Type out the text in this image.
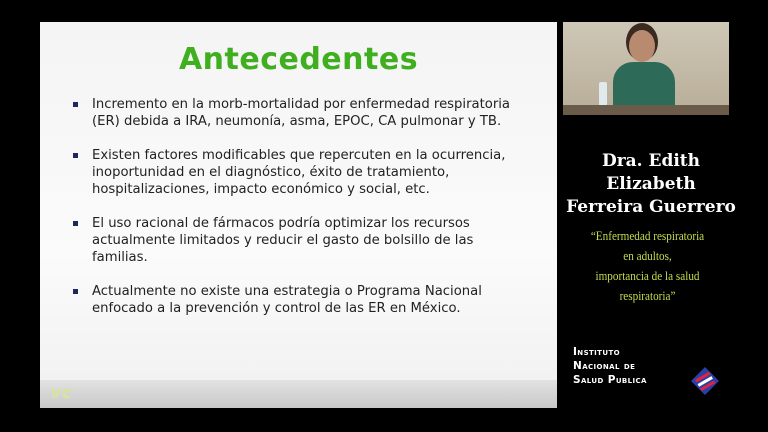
Antecedentes
Incremento en la morb-mortalidad por enfermedad respiratoria (ER) debida a IRA, neumonía, asma, EPOC, CA pulmonar y TB.
Existen factores modificables que repercuten en la ocurrencia, inoportunidad en el diagnóstico, éxito de tratamiento, hospitalizaciones, impacto económico y social, etc.
El uso racional de fármacos podría optimizar los recursos actualmente limitados y reducir el gasto de bolsillo de las familias.
Actualmente no existe una estrategia o Programa Nacional enfocado a la prevención y control de las ER en México.
vc
Dra. Edith Elizabeth
Ferreira Guerrero
“Enfermedad respiratoria
en adultos,
importancia de la salud respiratoria”
Instituto
Nacional de
Salud Publica
